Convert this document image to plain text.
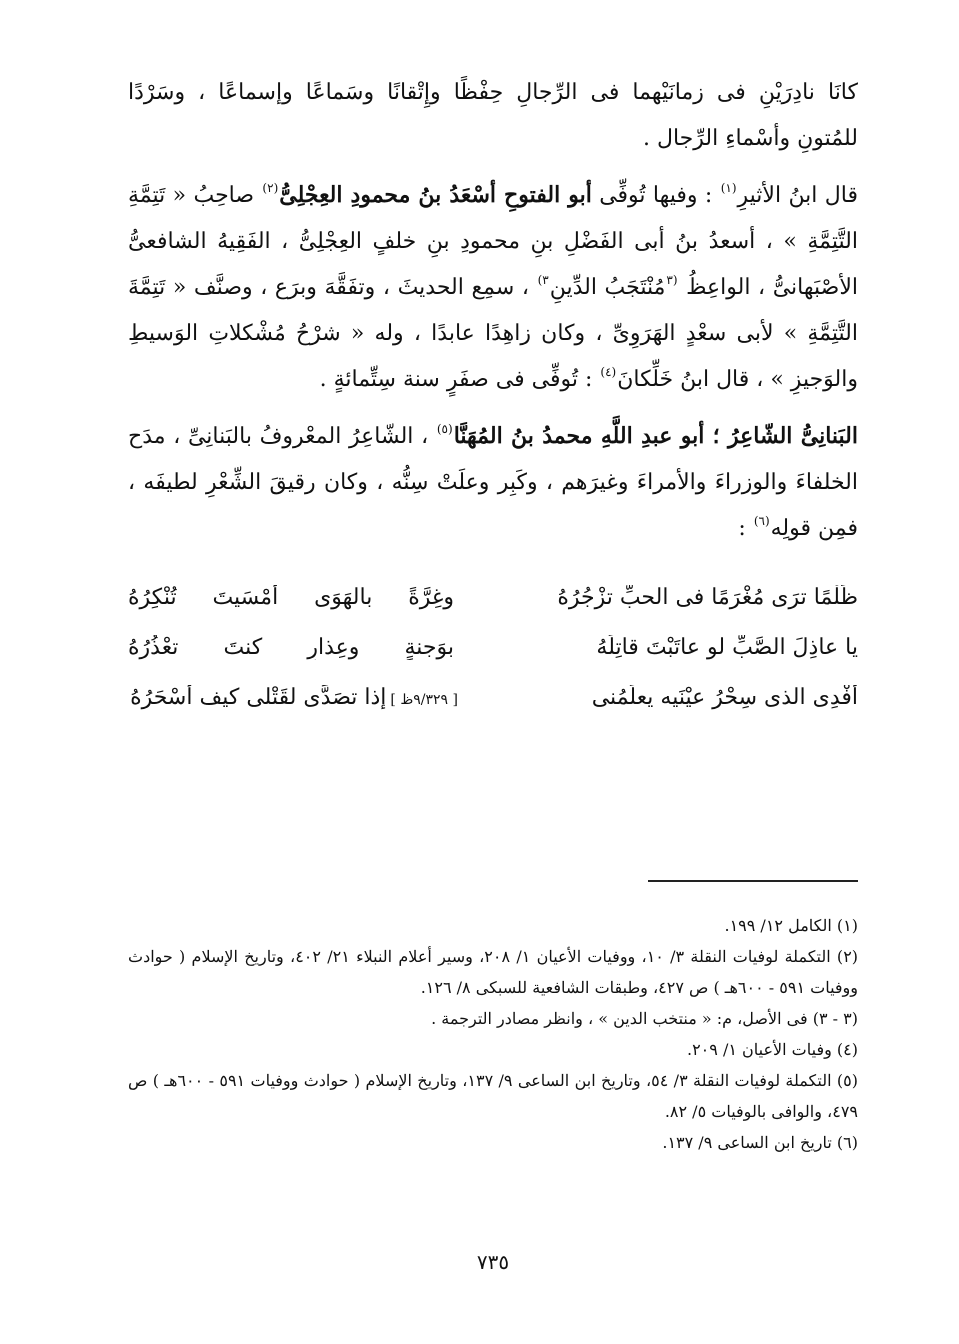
كانَا نادِرَيْنِ فى زمانَيْهما فى الرِّجالِ حِفْظًا وإِتْقانًا وسَماعًا وإسماعًا ، وسَرْدًا للمُتونِ وأسْماءِ الرِّجال .

قال ابنُ الأثيرِ$^{(١)}$ : وفيها تُوفِّى أبو الفتوحِ أسْعَدُ بنُ محمودِ العِجْلِىُّ$^{(٢)}$ صاحِبُ « تَتِمَّةِ التَّتِمَّةِ » ، أسعدُ بنُ أبى الفَضْلِ بنِ محمودِ بنِ خلفٍ العِجْلِىُّ ، الفَقِيهُ الشافعىُّ الأصْبَهانىُّ ، الواعِظُ $^{(٣}$مُنْتَجَبُ الدِّينِ$^{٣)}$ ، سمِع الحديثَ ، وتفَقَّهَ وبرَع ، وصنَّف « تَتِمَّةَ التَّتِمَّةِ » لأبى سعْدٍ الهَرَوِىِّ ، وكان زاهِدًا عابدًا ، وله « شرْحُ مُشْكلاتِ الوَسيطِ والوَجيزِ » ، قال ابنُ خَلِّكانَ$^{(٤)}$ : تُوفِّى فى صفَرٍ سنة سِتِّمائةٍ .

البَنانِىُّ الشّاعِرُ ؛ أبو عبدِ اللَّهِ محمدُ بنُ المُهَنَّا$^{(٥)}$ ، الشّاعِرُ المعْروفُ بالبَنانِىِّ ، مدَح الخلفاءَ والوزراءَ والأمراءَ وغيرَهم ، وكَبِر وعلَتْ سِنُّه ، وكان رقيقَ الشِّعْرِ لطيفَه ، فمِن قولِه$^{(٦)}$ :

ظَلْمًا ترَى مُغْرَمًا فى الحبِّ تزْجُرُهُ
وغِرَّةً بالهَوَى أمْسَيتَ تُنْكِرُهُ
يا عاذِلَ الصَّبِّ لو عاتَبْتَ قاتِلَهُ
بوَجنةٍ وعِذارٍ كنتَ تعْذُرُهُ
أفْدِى الذى سِحْرُ عيْنَيه يعلِّمُنى
[ ٩/٣٢٩ظ ]إذا تصَدَّى لقَتْلى كيف أسْحَرُهُ

(١) الكامل ١٢/ ١٩٩.

(٢) التكملة لوفيات النقلة ٣/ ١٠، ووفيات الأعيان ١/ ٢٠٨، وسير أعلام النبلاء ٢١/ ٤٠٢، وتاريخ الإسلام ( حوادث ووفيات ٥٩١ - ٦٠٠هـ ) ص ٤٢٧، وطبقات الشافعية للسبكى ٨/ ١٢٦.

(٣ - ٣) فى الأصل، م: « منتخب الدين » ، وانظر مصادر الترجمة .

(٤) وفيات الأعيان ١/ ٢٠٩.

(٥) التكملة لوفيات النقلة ٣/ ٥٤، وتاريخ ابن الساعى ٩/ ١٣٧، وتاريخ الإسلام ( حوادث ووفيات ٥٩١ - ٦٠٠هـ ) ص ٤٧٩، والوافى بالوفيات ٥/ ٨٢.

(٦) تاريخ ابن الساعى ٩/ ١٣٧.

٧٣٥
